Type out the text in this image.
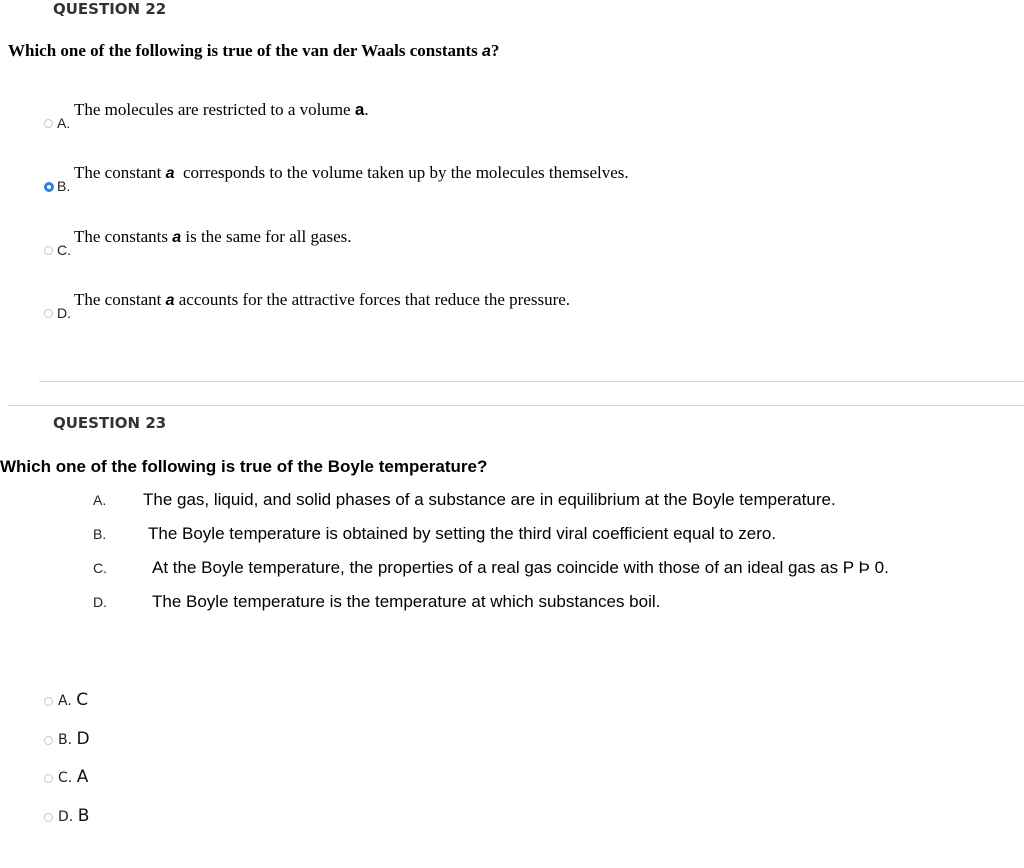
QUESTION 22
Which one of the following is true of the van der Waals constants a?
A.
The molecules are restricted to a volume a.
B.
The constant a  corresponds to the volume taken up by the molecules themselves.
C.
The constants a is the same for all gases.
D.
The constant a accounts for the attractive forces that reduce the pressure.
QUESTION 23
Which one of the following is true of the Boyle temperature?
A. The gas, liquid, and solid phases of a substance are in equilibrium at the Boyle temperature.
B. The Boyle temperature is obtained by setting the third viral coefficient equal to zero.
C.	At the Boyle temperature, the properties of a real gas coincide with those of an ideal gas as P Þ 0.
D.	The Boyle temperature is the temperature at which substances boil.
A. C
B. D
C. A
D. B
